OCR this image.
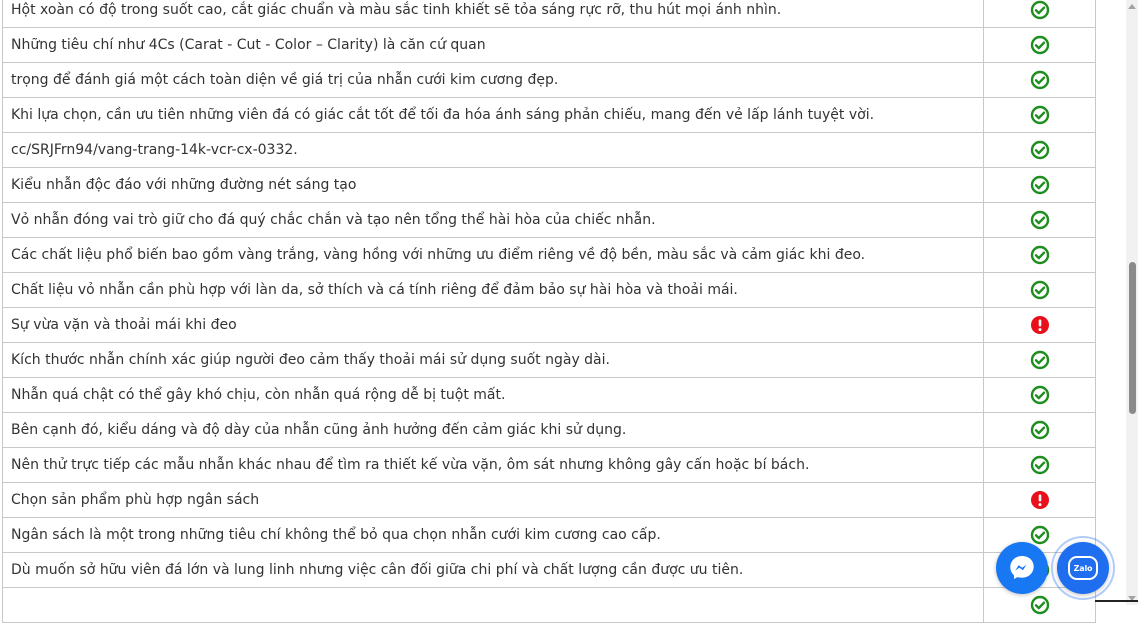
Hột xoàn có độ trong suốt cao, cắt giác chuẩn và màu sắc tinh khiết sẽ tỏa sáng rực rỡ, thu hút mọi ánh nhìn.	
Những tiêu chí như 4Cs (Carat - Cut - Color – Clarity) là căn cứ quan	
trọng để đánh giá một cách toàn diện về giá trị của nhẫn cưới kim cương đẹp.	
Khi lựa chọn, cần ưu tiên những viên đá có giác cắt tốt để tối đa hóa ánh sáng phản chiếu, mang đến vẻ lấp lánh tuyệt vời.	
cc/SRJFrn94/vang-trang-14k-vcr-cx-0332.	
Kiểu nhẫn độc đáo với những đường nét sáng tạo	
Vỏ nhẫn đóng vai trò giữ cho đá quý chắc chắn và tạo nên tổng thể hài hòa của chiếc nhẫn.	
Các chất liệu phổ biến bao gồm vàng trắng, vàng hồng với những ưu điểm riêng về độ bền, màu sắc và cảm giác khi đeo.	
Chất liệu vỏ nhẫn cần phù hợp với làn da, sở thích và cá tính riêng để đảm bảo sự hài hòa và thoải mái.	
Sự vừa vặn và thoải mái khi đeo	
Kích thước nhẫn chính xác giúp người đeo cảm thấy thoải mái sử dụng suốt ngày dài.	
Nhẫn quá chật có thể gây khó chịu, còn nhẫn quá rộng dễ bị tuột mất.	
Bên cạnh đó, kiểu dáng và độ dày của nhẫn cũng ảnh hưởng đến cảm giác khi sử dụng.	
Nên thử trực tiếp các mẫu nhẫn khác nhau để tìm ra thiết kế vừa vặn, ôm sát nhưng không gây cấn hoặc bí bách.	
Chọn sản phẩm phù hợp ngân sách	
Ngân sách là một trong những tiêu chí không thể bỏ qua chọn nhẫn cưới kim cương cao cấp.	
Dù muốn sở hữu viên đá lớn và lung linh nhưng việc cân đối giữa chi phí và chất lượng cần được ưu tiên.	
		Zalo
